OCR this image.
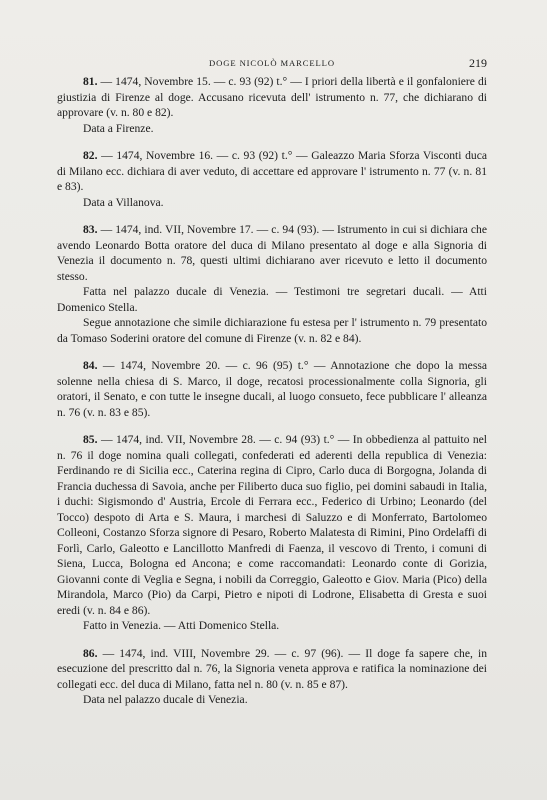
DOGE NICOLÒ MARCELLO	219

81. — 1474, Novembre 15. — c. 93 (92) t.° — I priori della libertà e il gonfaloniere di giustizia di Firenze al doge. Accusano ricevuta dell' istrumento n. 77, che dichiarano di approvare (v. n. 80 e 82).

Data a Firenze.

82. — 1474, Novembre 16. — c. 93 (92) t.° — Galeazzo Maria Sforza Visconti duca di Milano ecc. dichiara di aver veduto, di accettare ed approvare l' istrumento n. 77 (v. n. 81 e 83).

Data a Villanova.

83. — 1474, ind. VII, Novembre 17. — c. 94 (93). — Istrumento in cui si dichiara che avendo Leonardo Botta oratore del duca di Milano presentato al doge e alla Signoria di Venezia il documento n. 78, questi ultimi dichiarano aver ricevuto e letto il documento stesso.

Fatta nel palazzo ducale di Venezia. — Testimoni tre segretari ducali. — Atti Domenico Stella.

Segue annotazione che simile dichiarazione fu estesa per l' istrumento n. 79 presentato da Tomaso Soderini oratore del comune di Firenze (v. n. 82 e 84).

84. — 1474, Novembre 20. — c. 96 (95) t.° — Annotazione che dopo la messa solenne nella chiesa di S. Marco, il doge, recatosi processionalmente colla Signoria, gli oratori, il Senato, e con tutte le insegne ducali, al luogo consueto, fece pubblicare l' alleanza n. 76 (v. n. 83 e 85).

85. — 1474, ind. VII, Novembre 28. — c. 94 (93) t.° — In obbedienza al pattuito nel n. 76 il doge nomina quali collegati, confederati ed aderenti della republica di Venezia: Ferdinando re di Sicilia ecc., Caterina regina di Cipro, Carlo duca di Borgogna, Jolanda di Francia duchessa di Savoia, anche per Filiberto duca suo figlio, pei domini sabaudi in Italia, i duchi: Sigismondo d' Austria, Ercole di Ferrara ecc., Federico di Urbino; Leonardo (del Tocco) despoto di Arta e S. Maura, i marchesi di Saluzzo e di Monferrato, Bartolomeo Colleoni, Costanzo Sforza signore di Pesaro, Roberto Malatesta di Rimini, Pino Ordelaffi di Forlì, Carlo, Galeotto e Lancillotto Manfredi di Faenza, il vescovo di Trento, i comuni di Siena, Lucca, Bologna ed Ancona; e come raccomandati: Leonardo conte di Gorizia, Giovanni conte di Veglia e Segna, i nobili da Correggio, Galeotto e Giov. Maria (Pico) della Mirandola, Marco (Pio) da Carpi, Pietro e nipoti di Lodrone, Elisabetta di Gresta e suoi eredi (v. n. 84 e 86).

Fatto in Venezia. — Atti Domenico Stella.

86. — 1474, ind. VIII, Novembre 29. — c. 97 (96). — Il doge fa sapere che, in esecuzione del prescritto dal n. 76, la Signoria veneta approva e ratifica la nominazione dei collegati ecc. del duca di Milano, fatta nel n. 80 (v. n. 85 e 87).

Data nel palazzo ducale di Venezia.
